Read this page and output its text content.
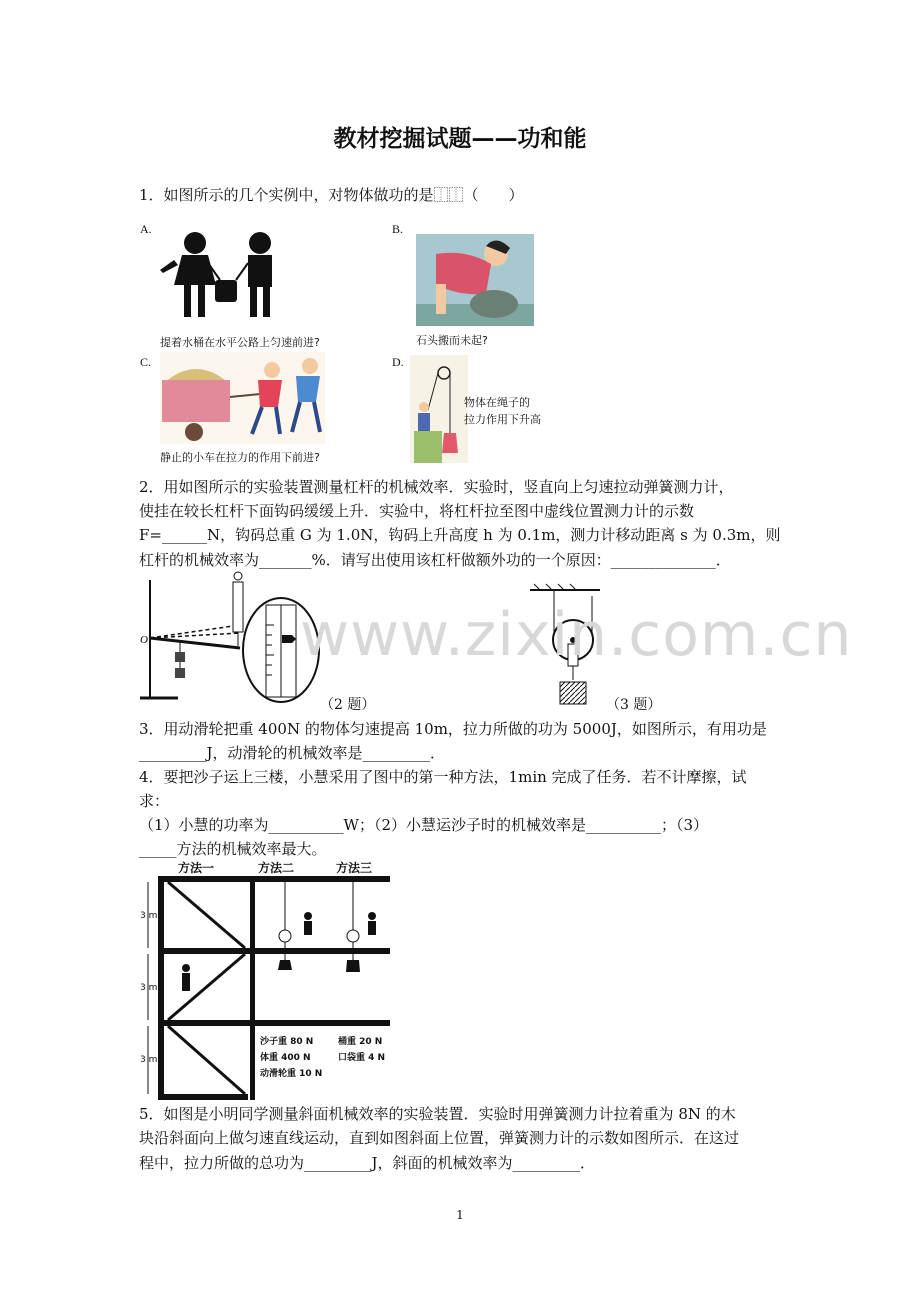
教材挖掘试题——功和能
1．如图所示的几个实例中，对物体做功的是⿰⿰（　　）
A.
提着水桶在水平公路上匀速前进?
B.
石头搬而未起?
C.
静止的小车在拉力的作用下前进?
D.
物体在绳子的
拉力作用下升高
2．用如图所示的实验装置测量杠杆的机械效率．实验时，竖直向上匀速拉动弹簧测力计，
使挂在较长杠杆下面钩码缓缓上升．实验中，将杠杆拉至图中虚线位置测力计的示数
F=______N，钩码总重 G 为 1.0N，钩码上升高度 h 为 0.1m，测力计移动距离 s 为 0.3m，则
杠杆的机械效率为_______%．请写出使用该杠杆做额外功的一个原因：______________．
O
（2 题）	（3 题）
3．用动滑轮把重 400N 的物体匀速提高 10m，拉力所做的功为 5000J，如图所示，有用功是
_________J，动滑轮的机械效率是_________．
4．要把沙子运上三楼，小慧采用了图中的第一种方法，1min 完成了任务．若不计摩擦，试
求：
（1）小慧的功率为__________W；（2）小慧运沙子时的机械效率是__________；（3）
_____方法的机械效率最大。
3 m
3 m
3 m
方法一	方法二	方法三
沙子重 80 N	桶重 20 N
体重 400 N	口袋重 4 N
动滑轮重 10 N
5．如图是小明同学测量斜面机械效率的实验装置．实验时用弹簧测力计拉着重为 8N 的木
块沿斜面向上做匀速直线运动，直到如图斜面上位置，弹簧测力计的示数如图所示．在这过
程中，拉力所做的总功为_________J，斜面的机械效率为_________．
www.zixin.com.cn
1
